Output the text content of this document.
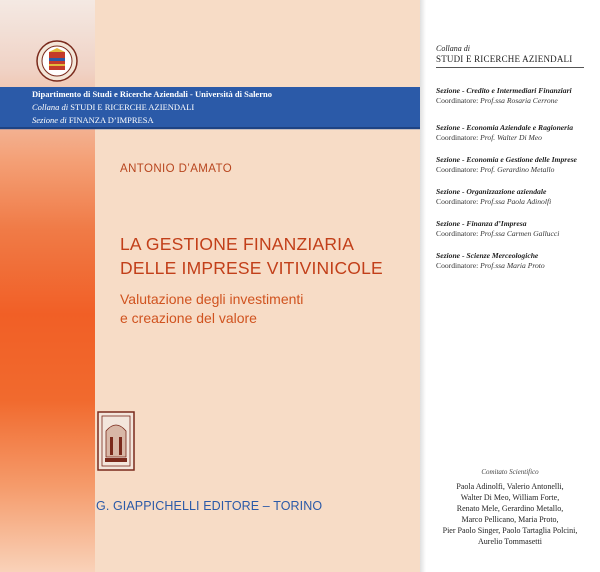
Dipartimento di Studi e Ricerche Aziendali - Università di Salerno
Collana di STUDI E RICERCHE AZIENDALI
Sezione di FINANZA D’IMPRESA
ANTONIO D’AMATO
LA GESTIONE FINANZIARIA
DELLE IMPRESE VITIVINICOLE
Valutazione degli investimenti
e creazione del valore
G. GIAPPICHELLI EDITORE – TORINO
Collana di
STUDI E RICERCHE AZIENDALI
Sezione - Credito e Intermediari Finanziari
Coordinatore: Prof.ssa Rosaria Cerrone
Sezione - Economia Aziendale e Ragioneria
Coordinatore: Prof. Walter Di Meo
Sezione - Economia e Gestione delle Imprese
Coordinatore: Prof. Gerardino Metallo
Sezione - Organizzazione aziendale
Coordinatore: Prof.ssa Paola Adinolfi
Sezione - Finanza d’Impresa
Coordinatore: Prof.ssa Carmen Gallucci
Sezione - Scienze Merceologiche
Coordinatore: Prof.ssa Maria Proto
Comitato Scientifico
Paola Adinolfi, Valerio Antonelli,
Walter Di Meo, William Forte,
Renato Mele, Gerardino Metallo,
Marco Pellicano, Maria Proto,
Pier Paolo Singer, Paolo Tartaglia Polcini,
Aurelio Tommasetti
